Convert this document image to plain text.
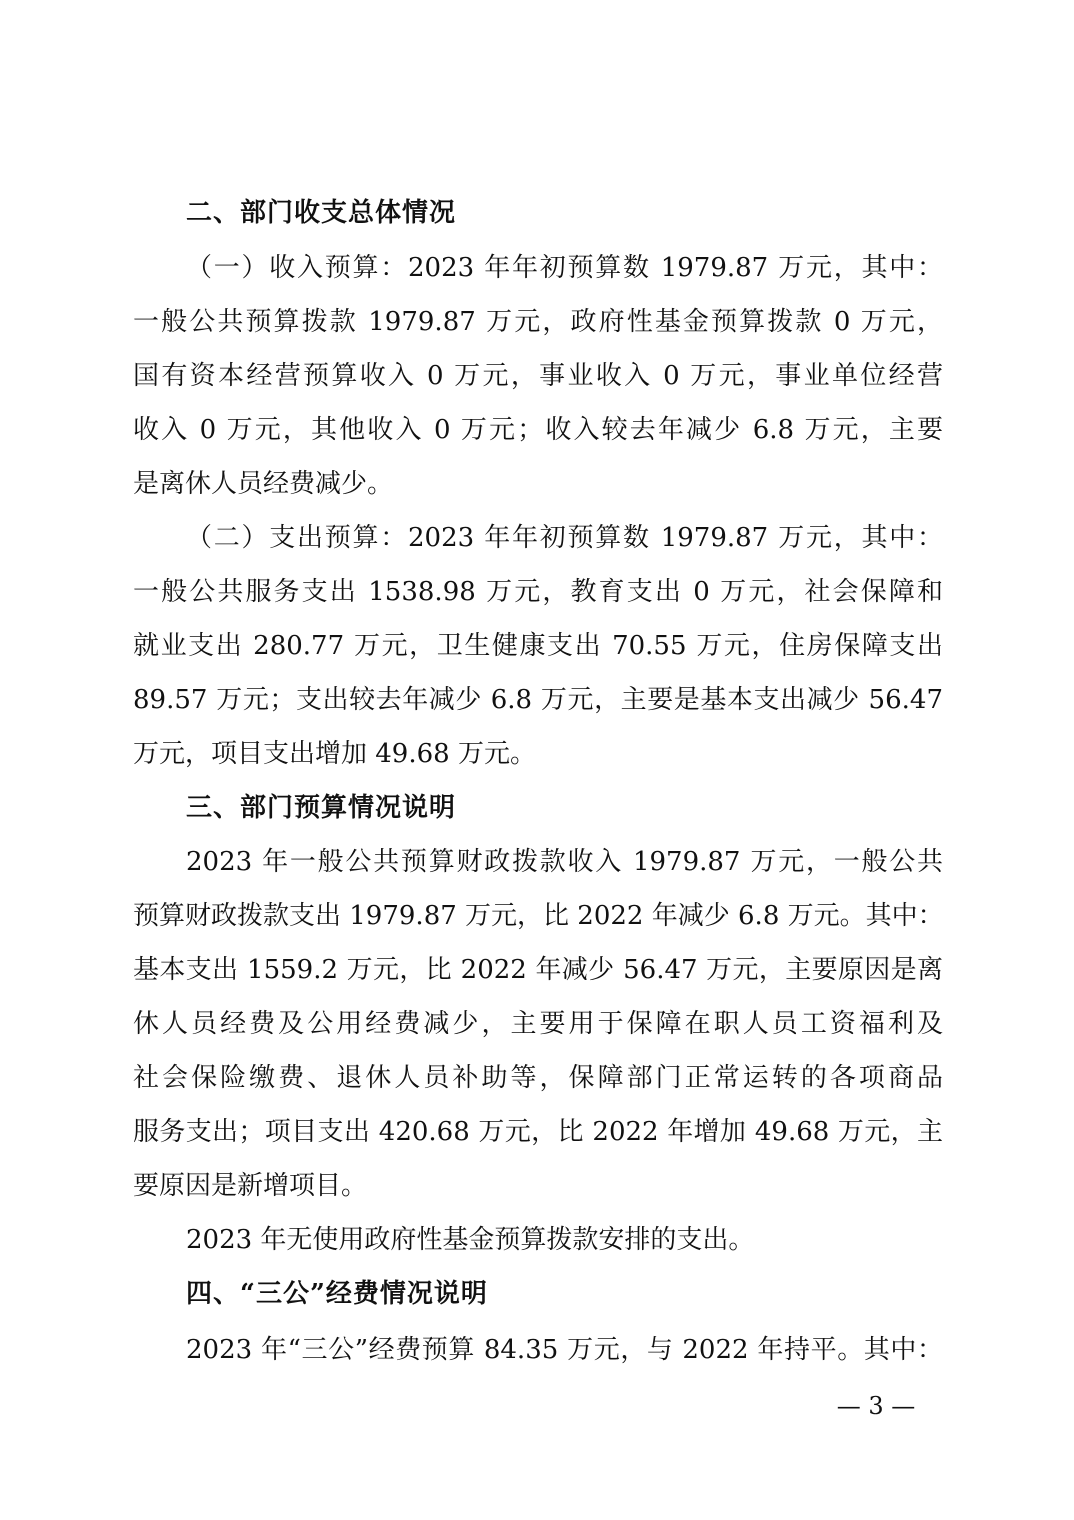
二、部门收支总体情况
（一）收入预算：2023 年年初预算数 1979.87 万元，其中：
一般公共预算拨款 1979.87 万元，政府性基金预算拨款 0 万元，
国有资本经营预算收入 0 万元，事业收入 0 万元，事业单位经营
收入 0 万元，其他收入 0 万元；收入较去年减少 6.8 万元，主要
是离休人员经费减少。
（二）支出预算：2023 年年初预算数 1979.87 万元，其中：
一般公共服务支出 1538.98 万元，教育支出 0 万元，社会保障和
就业支出 280.77 万元，卫生健康支出 70.55 万元，住房保障支出
89.57 万元；支出较去年减少 6.8 万元，主要是基本支出减少 56.47
万元，项目支出增加 49.68 万元。
三、部门预算情况说明
2023 年一般公共预算财政拨款收入 1979.87 万元，一般公共
预算财政拨款支出 1979.87 万元，比 2022 年减少 6.8 万元。其中：
基本支出 1559.2 万元，比 2022 年减少 56.47 万元，主要原因是离
休人员经费及公用经费减少，主要用于保障在职人员工资福利及
社会保险缴费、退休人员补助等，保障部门正常运转的各项商品
服务支出；项目支出 420.68 万元，比 2022 年增加 49.68 万元，主
要原因是新增项目。
2023 年无使用政府性基金预算拨款安排的支出。
四、“三公”经费情况说明
2023 年“三公”经费预算 84.35 万元，与 2022 年持平。其中：
— 3 —
